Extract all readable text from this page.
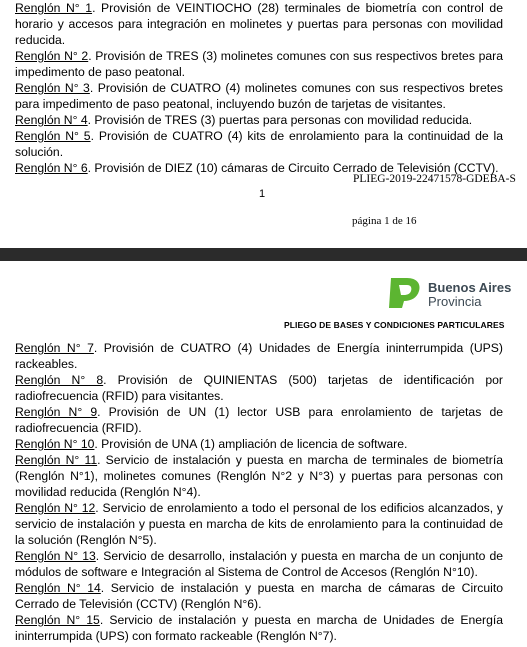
Renglón N° 1. Provisión de VEINTIOCHO (28) terminales de biometría con control de horario y accesos para integración en molinetes y puertas para personas con movilidad reducida.

Renglón N° 2. Provisión de TRES (3) molinetes comunes con sus respectivos bretes para impedimento de paso peatonal.

Renglón N° 3. Provisión de CUATRO (4) molinetes comunes con sus respectivos bretes para impedimento de paso peatonal, incluyendo buzón de tarjetas de visitantes.

Renglón N° 4. Provisión de TRES (3) puertas para personas con movilidad reducida.

Renglón N° 5. Provisión de CUATRO (4) kits de enrolamiento para la continuidad de la solución.

Renglón N° 6. Provisión de DIEZ (10) cámaras de Circuito Cerrado de Televisión (CCTV).

PLIEG-2019-22471578-GDEBA-S
1
página 1 de 16
Buenos Aires
Provincia
PLIEGO DE BASES Y CONDICIONES PARTICULARES

Renglón N° 7. Provisión de CUATRO (4) Unidades de Energía ininterrumpida (UPS) rackeables.

Renglón N° 8. Provisión de QUINIENTAS (500) tarjetas de identificación por radiofrecuencia (RFID) para visitantes.

Renglón N° 9. Provisión de UN (1) lector USB para enrolamiento de tarjetas de radiofrecuencia (RFID).

Renglón N° 10. Provisión de UNA (1) ampliación de licencia de software.

Renglón N° 11. Servicio de instalación y puesta en marcha de terminales de biometría (Renglón N°1), molinetes comunes (Renglón N°2 y N°3) y puertas para personas con movilidad reducida (Renglón N°4).

Renglón N° 12. Servicio de enrolamiento a todo el personal de los edificios alcanzados, y servicio de instalación y puesta en marcha de kits de enrolamiento para la continuidad de la solución (Renglón N°5).

Renglón N° 13. Servicio de desarrollo, instalación y puesta en marcha de un conjunto de módulos de software e Integración al Sistema de Control de Accesos (Renglón N°10).

Renglón N° 14. Servicio de instalación y puesta en marcha de cámaras de Circuito Cerrado de Televisión (CCTV) (Renglón N°6).

Renglón N° 15. Servicio de instalación y puesta en marcha de Unidades de Energía ininterrumpida (UPS) con formato rackeable (Renglón N°7).
